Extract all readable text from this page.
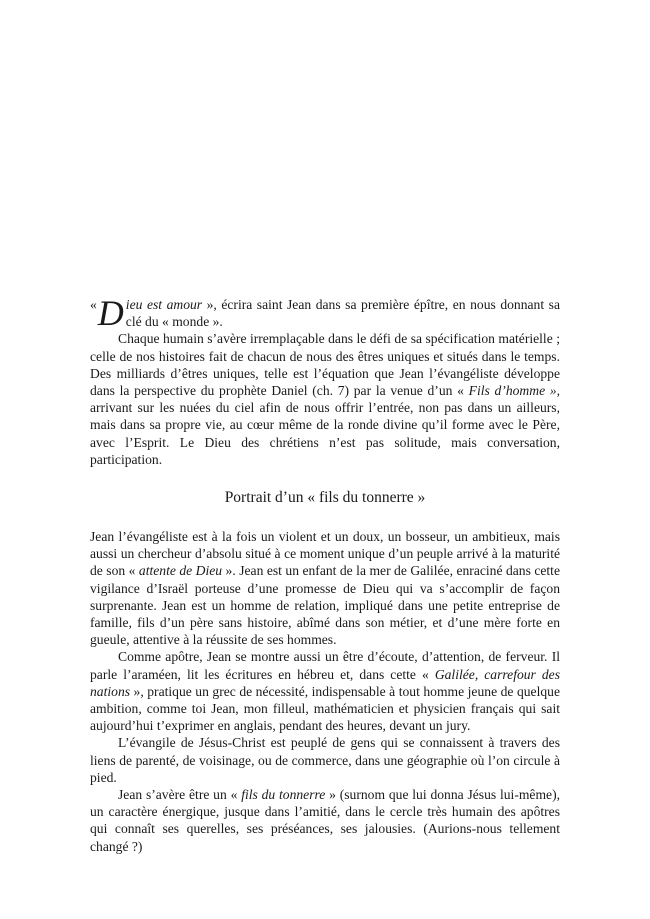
« D ieu est amour », écrira saint Jean dans sa première épître, en nous donnant sa clé du « monde ».

Chaque humain s’avère irremplaçable dans le défi de sa spécification matérielle ; celle de nos histoires fait de chacun de nous des êtres uniques et situés dans le temps. Des milliards d’êtres uniques, telle est l’équation que Jean l’évangéliste développe dans la perspective du prophète Daniel (ch. 7) par la venue d’un « Fils d’homme », arrivant sur les nuées du ciel afin de nous offrir l’entrée, non pas dans un ailleurs, mais dans sa propre vie, au cœur même de la ronde divine qu’il forme avec le Père, avec l’Esprit. Le Dieu des chrétiens n’est pas solitude, mais conversation, participation.

Portrait d’un « fils du tonnerre »

Jean l’évangéliste est à la fois un violent et un doux, un bosseur, un ambitieux, mais aussi un chercheur d’absolu situé à ce moment unique d’un peuple arrivé à la maturité de son « attente de Dieu ». Jean est un enfant de la mer de Galilée, enraciné dans cette vigilance d’Israël porteuse d’une promesse de Dieu qui va s’accomplir de façon surprenante. Jean est un homme de relation, impliqué dans une petite entreprise de famille, fils d’un père sans histoire, abîmé dans son métier, et d’une mère forte en gueule, attentive à la réussite de ses hommes.

Comme apôtre, Jean se montre aussi un être d’écoute, d’attention, de ferveur. Il parle l’araméen, lit les écritures en hébreu et, dans cette « Galilée, carrefour des nations », pratique un grec de nécessité, indispensable à tout homme jeune de quelque ambition, comme toi Jean, mon filleul, mathématicien et physicien français qui sait aujourd’hui t’exprimer en anglais, pendant des heures, devant un jury.

L’évangile de Jésus-Christ est peuplé de gens qui se connaissent à travers des liens de parenté, de voisinage, ou de commerce, dans une géographie où l’on circule à pied.

Jean s’avère être un « fils du tonnerre » (surnom que lui donna Jésus lui-même), un caractère énergique, jusque dans l’amitié, dans le cercle très humain des apôtres qui connaît ses querelles, ses préséances, ses jalousies. (Aurions-nous tellement changé ?)
